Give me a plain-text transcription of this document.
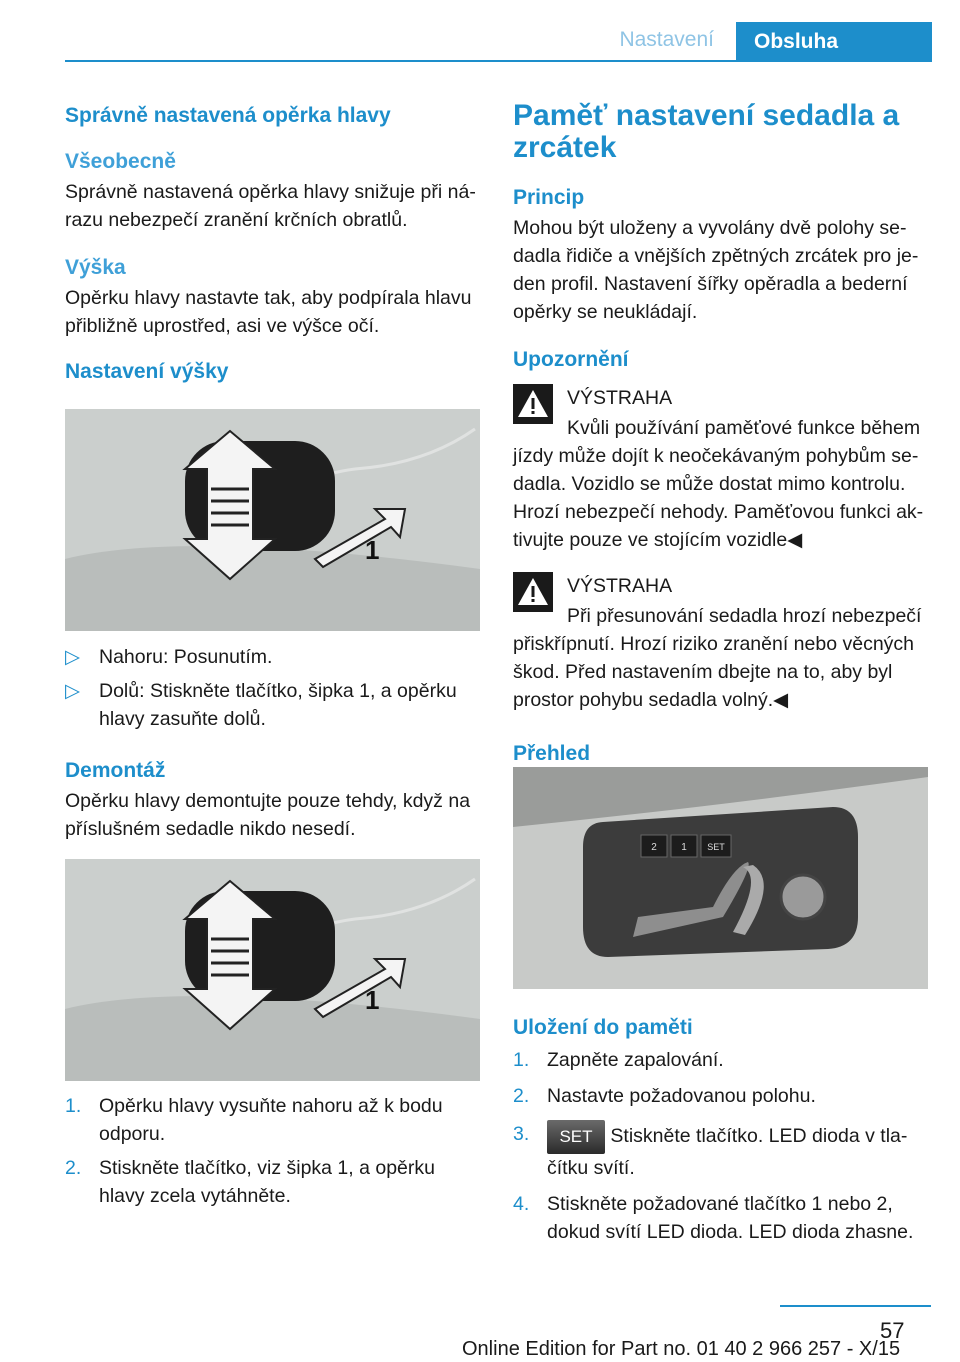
Nastavení	Obsluha
Správně nastavená opěrka hlavy
Všeobecně
Správně nastavená opěrka hlavy snižuje při ná‐razu nebezpečí zranění krčních obratlů.
Výška
Opěrku hlavy nastavte tak, aby podpírala hlavu přibližně uprostřed, asi ve výšce očí.
Nastavení výšky
1
▷ Nahoru: Posunutím.
▷ Dolů: Stiskněte tlačítko, šipka 1, a opěrku hlavy zasuňte dolů.
Demontáž
Opěrku hlavy demontujte pouze tehdy, když na příslušném sedadle nikdo nesedí.
1
1. Opěrku hlavy vysuňte nahoru až k bodu odporu.
2. Stiskněte tlačítko, viz šipka 1, a opěrku hlavy zcela vytáhněte.
Paměť nastavení sedadla a zrcátek
Princip
Mohou být uloženy a vyvolány dvě polohy se‐dadla řidiče a vnějších zpětných zrcátek pro je‐den profil. Nastavení šířky opěradla a bederní opěrky se neukládají.
Upozornění
VÝSTRAHA
Kvůli používání paměťové funkce během jízdy může dojít k neočekávaným pohybům se‐dadla. Vozidlo se může dostat mimo kontrolu. Hrozí nebezpečí nehody. Paměťovou funkci ak‐tivujte pouze ve stojícím vozidle◀
VÝSTRAHA
Při přesunování sedadla hrozí nebezpečí přiskřípnutí. Hrozí riziko zranění nebo věcných škod. Před nastavením dbejte na to, aby byl prostor pohybu sedadla volný.◀
Přehled
2 1 SET
Uložení do paměti
1. Zapněte zapalování.
2. Nastavte požadovanou polohu.
3.	SET Stiskněte tlačítko. LED dioda v tla‐čítku svítí.
4. Stiskněte požadované tlačítko 1 nebo 2, dokud svítí LED dioda. LED dioda zhasne.
57
Online Edition for Part no. 01 40 2 966 257 - X/15
